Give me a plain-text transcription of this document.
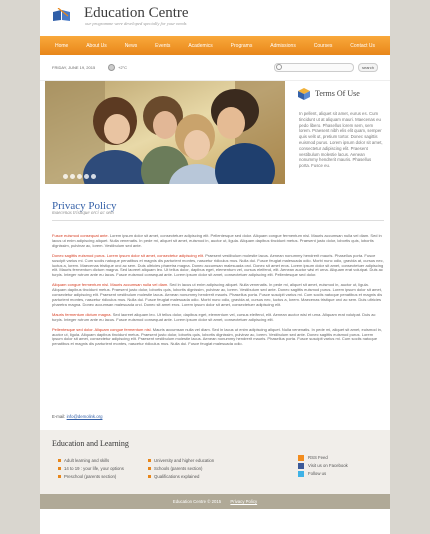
Education Centre
our programme were developed specially for your needs
Home	About Us	News	Events	Academics	Programs	Admissions	Courses	Contact Us
FRIDAY, JUNE 19, 2015	+2°C	search
Terms Of Use
In pellent, aliquet sit amet, eurus es. Cum tincidunt ut at aliquam mauri. Maecenas eu pedo libero. Phasellus lorem sem, sem lorem. Praesent nibh elis elit quam, semper quis velit ut, pretium tortor. Donec sagittis euismod purus. Lorem ipsum dolor sit amet, consectetur adipiscing elit. Praesent vestibulum molestie lacus. Aenean nonummy hendrerit mauris. Phasellus porta. Fusce eu.
Privacy Policy
maecenas tristique orci ac sem
Fusce euismod consequat ante. Lorem ipsum dolor sit amet, consectetuer adipiscing elit. Pellentesque sed dolor. Aliquam congue fermentum nisl. Mauris accumsan nulla vel diam. Sed in lacus ut enim adipiscing aliquet. Nulla venenatis. In pede mi, aliquet sit amet, euismod in, auctor ut, ligula. Aliquam dapibus tincidunt metus. Praesent justo dolor, lobortis quis, lobortis dignissim, pulvinar ac, lorem. Vestibulum sed ante.
Donec sagittis euismod purus. Lorem ipsum dolor sit amet, consectetur adipiscing elit. Praesent vestibulum molestie lacus. Aenean nonummy hendrerit mauris. Phasellus porta. Fusce suscipit varius mi. Cum sociis natoque penatibus et magnis dis parturient montes, nascetur ridiculus mus. Nulla dui. Fusce feugiat malesuada odio. Morbi nunc odio, gravida at, cursus nec, luctus a, lorem. Maecenas tristique orci ac sem. Duis ultricies pharetra magna. Donec accumsan malesuada orci. Donec sit amet eros. Lorem ipsum dolor sit amet, consectetuer adipiscing elit. Mauris fermentum dictum magna. Sed laoreet aliquam leo. Ut tellus dolor, dapibus eget, elementum vel, cursus eleifend, elit. Aenean auctor wisi et urna. Aliquam erat volutpat. Duis ac turpis. Integer rutrum ante eu lacus. Fusce euismod consequat ante. Lorem ipsum dolor sit amet, consectetuer adipiscing elit. Pellentesque sed dolor.
Aliquam congue fermentum nisl. Mauris accumsan nulla vel diam. Sed in lacus ut enim adipiscing aliquet. Nulla venenatis. In pede mi, aliquet sit amet, euismod in, auctor ut, ligula. Aliquam dapibus tincidunt metus. Praesent justo dolor, lobortis quis, lobortis dignissim, pulvinar ac, lorem. Vestibulum sed ante. Donec sagittis euismod purus. Lorem ipsum dolor sit amet, consectetur adipiscing elit. Praesent vestibulum molestie lacus. Aenean nonummy hendrerit mauris. Phasellus porta. Fusce suscipit varius mi. Cum sociis natoque penatibus et magnis dis parturient montes, nascetur ridiculus mus. Nulla dui. Fusce feugiat malesuada odio. Morbi nunc odio, gravida at, cursus nec, luctus a, lorem. Maecenas tristique orci ac sem. Duis ultricies pharetra magna. Donec accumsan malesuada orci. Donec sit amet eros. Lorem ipsum dolor sit amet, consectetuer adipiscing elit.
Mauris fermentum dictum magna. Sed laoreet aliquam leo. Ut tellus dolor, dapibus eget, elementum vel, cursus eleifend, elit. Aenean auctor wisi et urna. Aliquam erat volutpat. Duis ac turpis. Integer rutrum ante eu lacus. Fusce euismod consequat ante. Lorem ipsum dolor sit amet, consectetuer adipiscing elit.
Pellentesque sed dolor. Aliquam congue fermentum nisl. Mauris accumsan nulla vel diam. Sed in lacus ut enim adipiscing aliquet. Nulla venenatis. In pede mi, aliquet sit amet, euismod in, auctor ut, ligula. Aliquam dapibus tincidunt metus. Praesent justo dolor, lobortis quis, lobortis dignissim, pulvinar ac, lorem. Vestibulum sed ante. Donec sagittis euismod purus. Lorem ipsum dolor sit amet, consectetur adipiscing elit. Praesent vestibulum molestie lacus. Aenean nonummy hendrerit mauris. Phasellus porta. Fusce suscipit varius mi. Cum sociis natoque penatibus et magnis dis parturient montes, nascetur ridiculus mus. Nulla dui. Fusce feugiat malesuada odio.
E-mail: info@demolink.org
Education and Learning
Adult learning and skills
14 to 19 : your life, your options
Preschool (parents section)
University and higher education
Schools (parents section)
Qualifications explained
RSS Feed
Visit us on Facebook
Follow us
Education Centre © 2015 Privacy Policy
